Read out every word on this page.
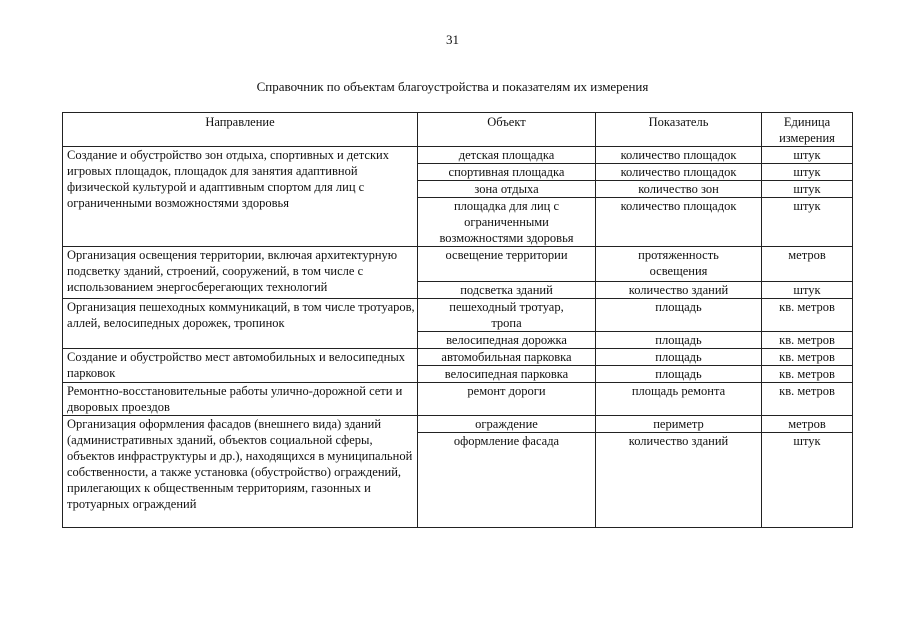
31
Справочник по объектам благоустройства и показателям их измерения
Направление	Объект	Показатель	Единица измерения
Создание и обустройство зон отдыха, спортивных и детских игровых площадок, площадок для занятия адаптивной физической культурой и адаптивным спортом для лиц с ограниченными возможностями здоровья	детская площадка	количество площадок	штук
	спортивная площадка	количество площадок	штук
	зона отдыха	количество зон	штук
	площадка для лиц с ограниченными возможностями здоровья	количество площадок	штук
Организация освещения территории, включая архитектурную подсветку зданий, строений, сооружений, в том числе с использованием энергосберегающих технологий	освещение территории	протяженность освещения	метров
	подсветка зданий	количество зданий	штук
Организация пешеходных коммуникаций, в том числе тротуаров, аллей, велосипедных дорожек, тропинок	пешеходный тротуар, тропа	площадь	кв. метров
	велосипедная дорожка	площадь	кв. метров
Создание и обустройство мест автомобильных и велосипедных парковок	автомобильная парковка	площадь	кв. метров
	велосипедная парковка	площадь	кв. метров
Ремонтно-восстановительные работы улично-дорожной сети и дворовых проездов	ремонт дороги	площадь ремонта	кв. метров
Организация оформления фасадов (внешнего вида) зданий (административных зданий, объектов социальной сферы, объектов инфраструктуры и др.), находящихся в муниципальной собственности, а также установка (обустройство) ограждений, прилегающих к общественным территориям, газонных и тротуарных ограждений	ограждение	периметр	метров
	оформление фасада	количество зданий	штук
